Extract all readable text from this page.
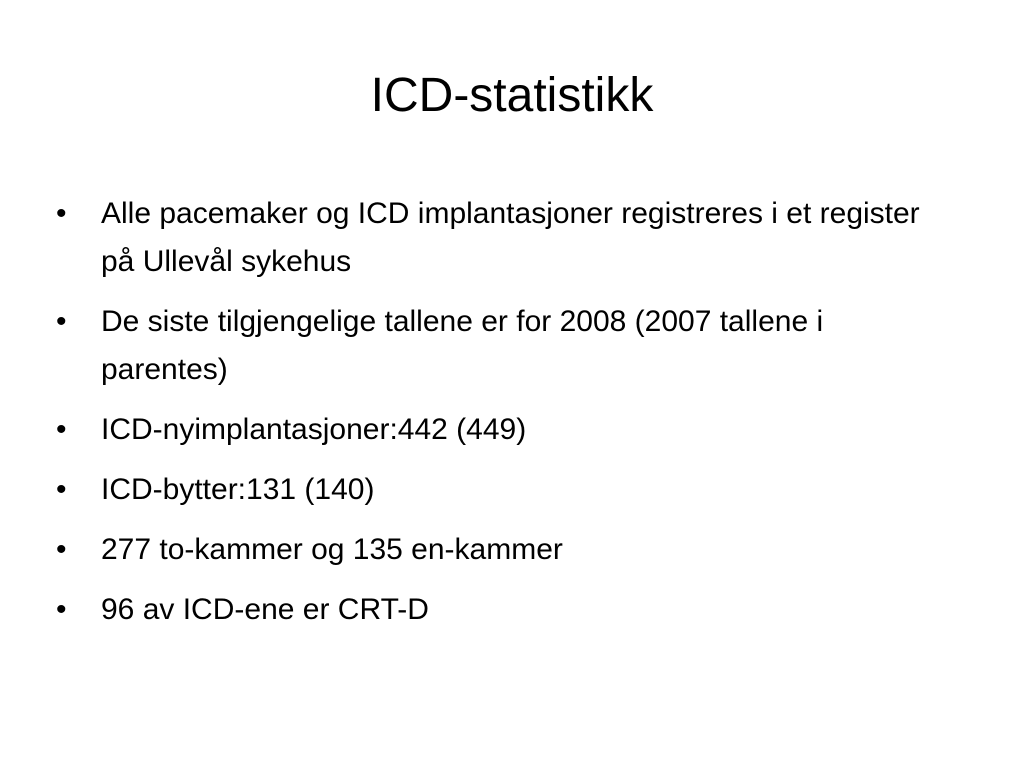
ICD-statistikk
•	Alle pacemaker og ICD implantasjoner registreres i et register på Ullevål sykehus
•	De siste tilgjengelige tallene er for 2008 (2007 tallene i parentes)
•	ICD-nyimplantasjoner:442 (449)
•	ICD-bytter:131 (140)
•	277 to-kammer og 135 en-kammer
•	96 av ICD-ene er CRT-D
